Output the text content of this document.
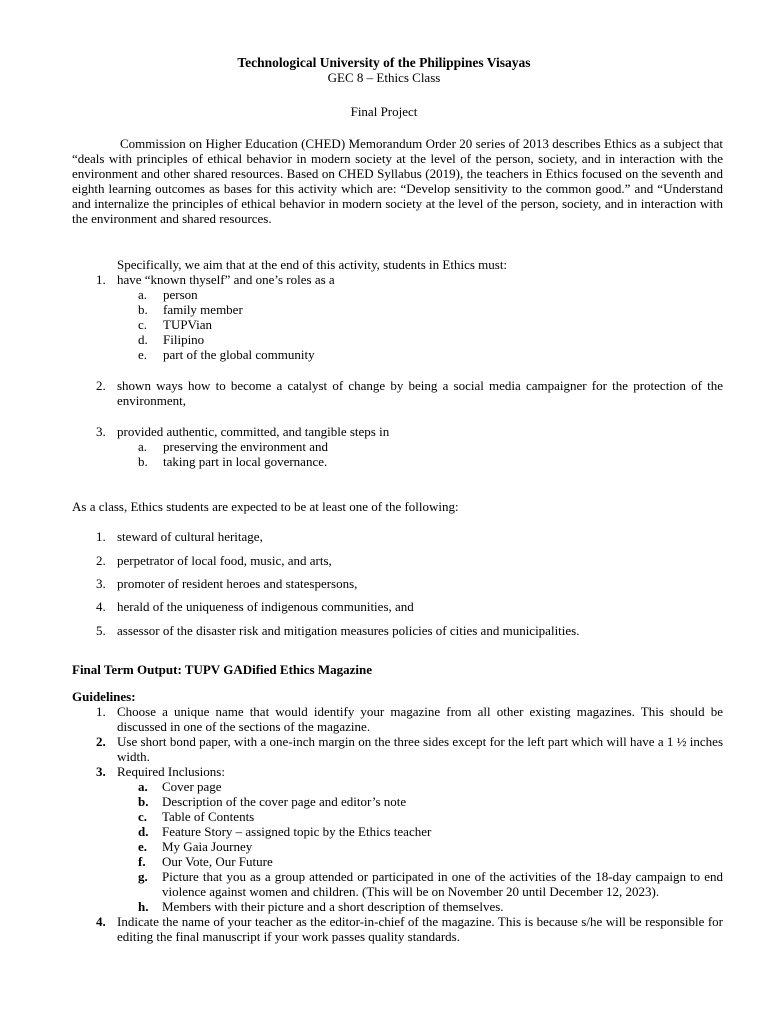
Technological University of the Philippines Visayas
GEC 8 – Ethics Class
Final Project

Commission on Higher Education (CHED) Memorandum Order 20 series of 2013 describes Ethics as a subject that “deals with principles of ethical behavior in modern society at the level of the person, society, and in interaction with the environment and other shared resources. Based on CHED Syllabus (2019), the teachers in Ethics focused on the seventh and eighth learning outcomes as bases for this activity which are: “Develop sensitivity to the common good.” and “Understand and internalize the principles of ethical behavior in modern society at the level of the person, society, and in interaction with the environment and shared resources.

Specifically, we aim that at the end of this activity, students in Ethics must:
1. have “known thyself” and one’s roles as a
a.	person
b.	family member
c.	TUPVian
d.	Filipino
e.	part of the global community
2. shown ways how to become a catalyst of change by being a social media campaigner for the protection of the environment,
3. provided authentic, committed, and tangible steps in
a.	preserving the environment and
b.	taking part in local governance.
As a class, Ethics students are expected to be at least one of the following:
1. steward of cultural heritage,
2. perpetrator of local food, music, and arts,
3. promoter of resident heroes and statespersons,
4. herald of the uniqueness of indigenous communities, and
5. assessor of the disaster risk and mitigation measures policies of cities and municipalities.
Final Term Output: TUPV GADified Ethics Magazine
Guidelines:
1. Choose a unique name that would identify your magazine from all other existing magazines. This should be discussed in one of the sections of the magazine.
2. Use short bond paper, with a one-inch margin on the three sides except for the left part which will have a 1 ½ inches width.
3. Required Inclusions:
a.	Cover page
b.	Description of the cover page and editor’s note
c.	Table of Contents
d.	Feature Story – assigned topic by the Ethics teacher
e.	My Gaia Journey
f.	Our Vote, Our Future
g.	Picture that you as a group attended or participated in one of the activities of the 18-day campaign to end violence against women and children. (This will be on November 20 until December 12, 2023).
h.	Members with their picture and a short description of themselves.
4. Indicate the name of your teacher as the editor-in-chief of the magazine. This is because s/he will be responsible for editing the final manuscript if your work passes quality standards.
